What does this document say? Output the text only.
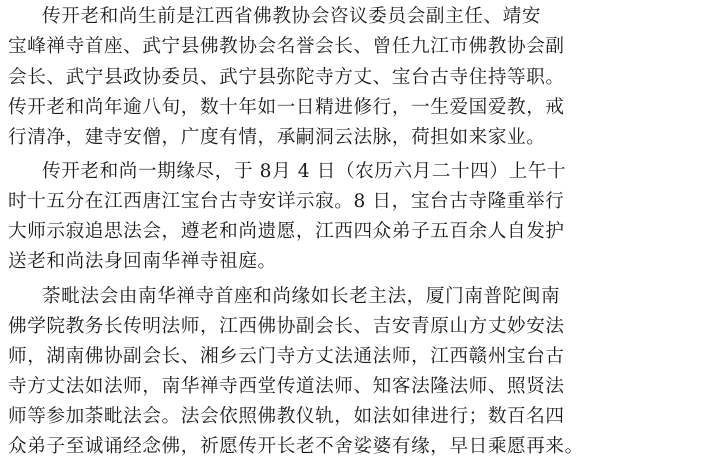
传开老和尚生前是江西省佛教协会咨议委员会副主任、靖安
宝峰禅寺首座、武宁县佛教协会名誉会长、曾任九江市佛教协会副
会长、武宁县政协委员、武宁县弥陀寺方丈、宝台古寺住持等职。
传开老和尚年逾八旬，数十年如一日精进修行，一生爱国爱教，戒
行清净，建寺安僧，广度有情，承嗣洞云法脉，荷担如来家业。
传开老和尚一期缘尽，于 8月 4 日（农历六月二十四）上午十
时十五分在江西唐江宝台古寺安详示寂。8 日，宝台古寺隆重举行
大师示寂追思法会，遵老和尚遗愿，江西四众弟子五百余人自发护
送老和尚法身回南华禅寺祖庭。
荼毗法会由南华禅寺首座和尚缘如长老主法，厦门南普陀闽南
佛学院教务长传明法师，江西佛协副会长、吉安青原山方丈妙安法
师，湖南佛协副会长、湘乡云门寺方丈法通法师，江西赣州宝台古
寺方丈法如法师，南华禅寺西堂传道法师、知客法隆法师、照贤法
师等参加荼毗法会。法会依照佛教仪轨，如法如律进行；数百名四
众弟子至诚诵经念佛，祈愿传开长老不舍娑婆有缘，早日乘愿再来。
